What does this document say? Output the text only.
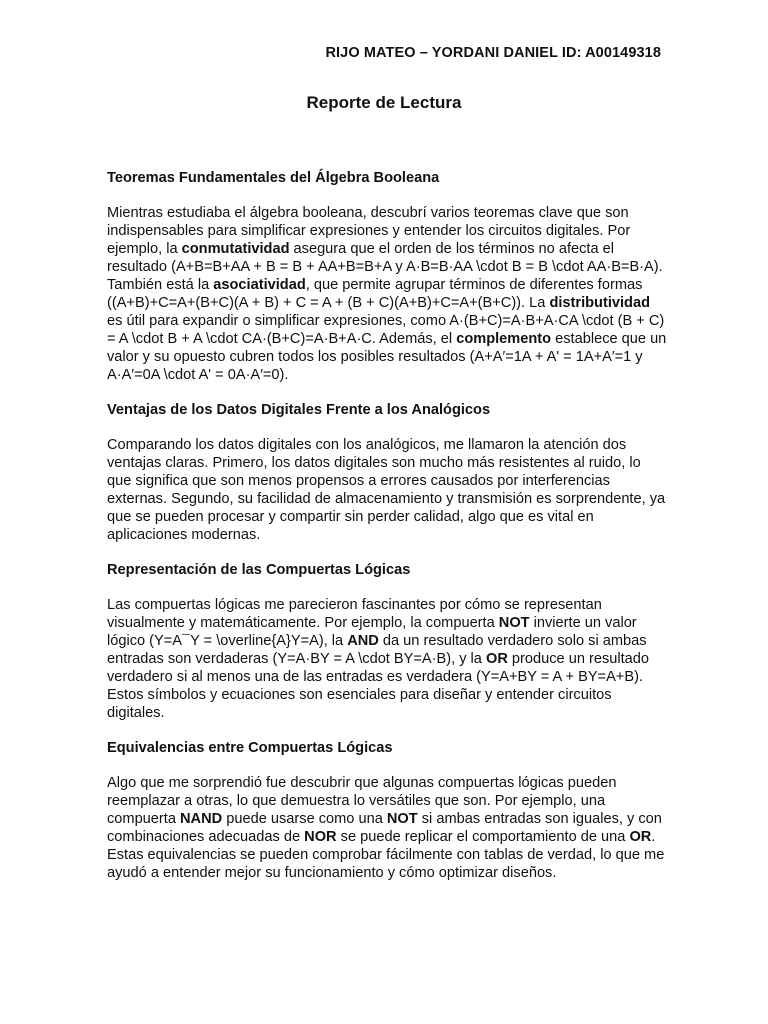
RIJO MATEO – YORDANI DANIEL ID: A00149318
Reporte de Lectura
Teoremas Fundamentales del Álgebra Booleana
Mientras estudiaba el álgebra booleana, descubrí varios teoremas clave que son indispensables para simplificar expresiones y entender los circuitos digitales. Por ejemplo, la conmutatividad asegura que el orden de los términos no afecta el resultado (A+B=B+AA + B = B + AA+B=B+A y A·B=B·AA \cdot B = B \cdot AA·B=B·A). También está la asociatividad, que permite agrupar términos de diferentes formas ((A+B)+C=A+(B+C)(A + B) + C = A + (B + C)(A+B)+C=A+(B+C)). La distributividad es útil para expandir o simplificar expresiones, como A·(B+C)=A·B+A·CA \cdot (B + C) = A \cdot B + A \cdot CA·(B+C)=A·B+A·C. Además, el complemento establece que un valor y su opuesto cubren todos los posibles resultados (A+A′=1A + A' = 1A+A′=1 y A·A′=0A \cdot A' = 0A·A′=0).
Ventajas de los Datos Digitales Frente a los Analógicos
Comparando los datos digitales con los analógicos, me llamaron la atención dos ventajas claras. Primero, los datos digitales son mucho más resistentes al ruido, lo que significa que son menos propensos a errores causados por interferencias externas. Segundo, su facilidad de almacenamiento y transmisión es sorprendente, ya que se pueden procesar y compartir sin perder calidad, algo que es vital en aplicaciones modernas.
Representación de las Compuertas Lógicas
Las compuertas lógicas me parecieron fascinantes por cómo se representan visualmente y matemáticamente. Por ejemplo, la compuerta NOT invierte un valor lógico (Y=A¯Y = \overline{A}Y=A), la AND da un resultado verdadero solo si ambas entradas son verdaderas (Y=A·BY = A \cdot BY=A·B), y la OR produce un resultado verdadero si al menos una de las entradas es verdadera (Y=A+BY = A + BY=A+B). Estos símbolos y ecuaciones son esenciales para diseñar y entender circuitos digitales.
Equivalencias entre Compuertas Lógicas
Algo que me sorprendió fue descubrir que algunas compuertas lógicas pueden reemplazar a otras, lo que demuestra lo versátiles que son. Por ejemplo, una compuerta NAND puede usarse como una NOT si ambas entradas son iguales, y con combinaciones adecuadas de NOR se puede replicar el comportamiento de una OR. Estas equivalencias se pueden comprobar fácilmente con tablas de verdad, lo que me ayudó a entender mejor su funcionamiento y cómo optimizar diseños.
